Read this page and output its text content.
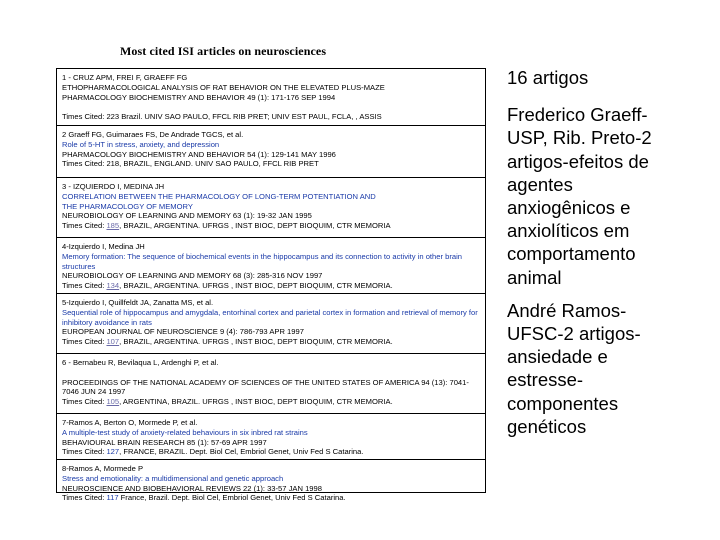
Most cited ISI articles on neurosciences
1 - CRUZ APM, FREI F, GRAEFF FG
ETHOPHARMACOLOGICAL ANALYSIS OF RAT BEHAVIOR ON THE ELEVATED PLUS-MAZE
PHARMACOLOGY BIOCHEMISTRY AND BEHAVIOR 49 (1): 171-176 SEP 1994
Times Cited: 223 Brazil. UNIV SAO PAULO, FFCL RIB PRET; UNIV EST PAUL, FCLA, , ASSIS
2 Graeff FG, Guimaraes FS, De Andrade TGCS, et al.
Role of 5-HT in stress, anxiety, and depression
PHARMACOLOGY BIOCHEMISTRY AND BEHAVIOR 54 (1): 129-141 MAY 1996
Times Cited: 218, BRAZIL, ENGLAND. UNIV SAO PAULO, FFCL RIB PRET
3 - IZQUIERDO I, MEDINA JH
CORRELATION BETWEEN THE PHARMACOLOGY OF LONG-TERM POTENTIATION AND THE PHARMACOLOGY OF MEMORY
NEUROBIOLOGY OF LEARNING AND MEMORY 63 (1): 19-32 JAN 1995
Times Cited: 185, BRAZIL, ARGENTINA. UFRGS , INST BIOC, DEPT BIOQUIM, CTR MEMORIA
4-Izquierdo I, Medina JH
Memory formation: The sequence of biochemical events in the hippocampus and its connection to activity in other brain structures
NEUROBIOLOGY OF LEARNING AND MEMORY 68 (3): 285-316 NOV 1997
Times Cited: 134, BRAZIL, ARGENTINA. UFRGS , INST BIOC, DEPT BIOQUIM, CTR MEMORIA.
5-Izquierdo I, Quillfeldt JA, Zanatta MS, et al.
Sequential role of hippocampus and amygdala, entorhinal cortex and parietal cortex in formation and retrieval of memory for inhibitory avoidance in rats
EUROPEAN JOURNAL OF NEUROSCIENCE 9 (4): 786-793 APR 1997
Times Cited: 107, BRAZIL, ARGENTINA. UFRGS , INST BIOC, DEPT BIOQUIM, CTR MEMORIA.
6 - Bernabeu R, Bevilaqua L, Ardenghi P, et al.
PROCEEDINGS OF THE NATIONAL ACADEMY OF SCIENCES OF THE UNITED STATES OF AMERICA 94 (13): 7041-7046 JUN 24 1997
Times Cited: 105, ARGENTINA, BRAZIL. UFRGS , INST BIOC, DEPT BIOQUIM, CTR MEMORIA.
7-Ramos A, Berton O, Mormede P, et al.
A multiple-test study of anxiety-related behaviours in six inbred rat strains
BEHAVIOURAL BRAIN RESEARCH 85 (1): 57-69 APR 1997
Times Cited: 127, FRANCE, BRAZIL. Dept. Biol Cel, Embriol Genet, Univ Fed S Catarina.
8-Ramos A, Mormede P
Stress and emotionality: a multidimensional and genetic approach
NEUROSCIENCE AND BIOBEHAVIORAL REVIEWS 22 (1): 33-57 JAN 1998
Times Cited: 117 France, Brazil. Dept. Biol Cel, Embriol Genet, Univ Fed S Catarina.
16 artigos
Frederico Graeff-
USP, Rib. Preto-2
artigos-efeitos de
agentes
anxiogênicos e
anxiolíticos em
comportamento
animal
André Ramos-
UFSC-2 artigos-
ansiedade e
estresse-
componentes
genéticos
